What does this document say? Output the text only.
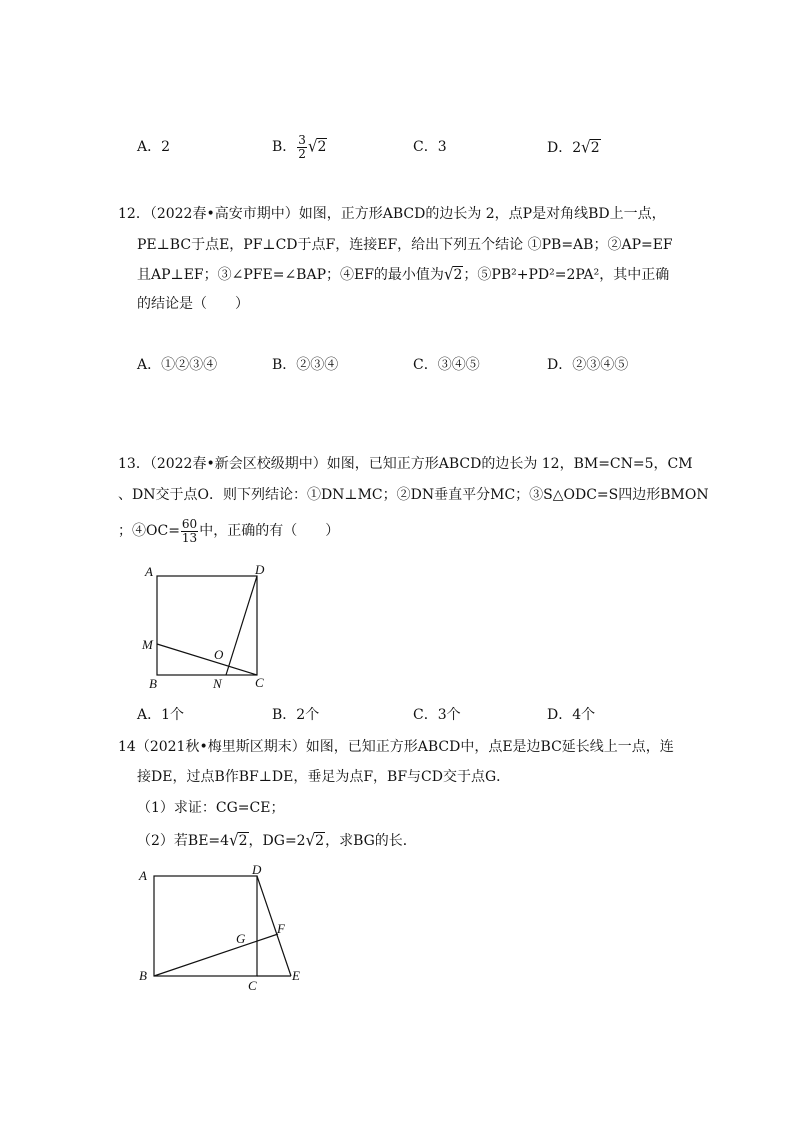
A．2	B． $\frac{3}{2} √2$	C．3	D．2√2
12．（2022春•高安市期中）如图，正方形ABCD的边长为 2，点P是对角线BD上一点，
PE⊥BC于点E，PF⊥CD于点F，连接EF，给出下列五个结论 ①PB=AB；②AP=EF
且AP⊥EF；③∠PFE=∠BAP；④EF的最小值为√2；⑤PB²+PD²=2PA²，其中正确
的结论是（　　）
A．①②③④	B．②③④	C．③④⑤	D．②③④⑤
13．（2022春•新会区校级期中）如图，已知正方形ABCD的边长为 12，BM=CN=5，CM
、DN交于点O．则下列结论：①DN⊥MC；②DN垂直平分MC；③S△ODC=S四边形BMON
；④OC= $\frac{60}{13}$ 中，正确的有（　　）
A	D
M
O
B	N	C
A．1个	B．2个	C．3个	D．4个
14（2021秋•梅里斯区期末）如图，已知正方形ABCD中，点E是边BC延长线上一点，连
接DE，过点B作BF⊥DE，垂足为点F，BF与CD交于点G．
（1）求证：CG=CE；
（2）若BE=4√2，DG=2√2，求BG的长．
A	D
G
F
B
C
E
